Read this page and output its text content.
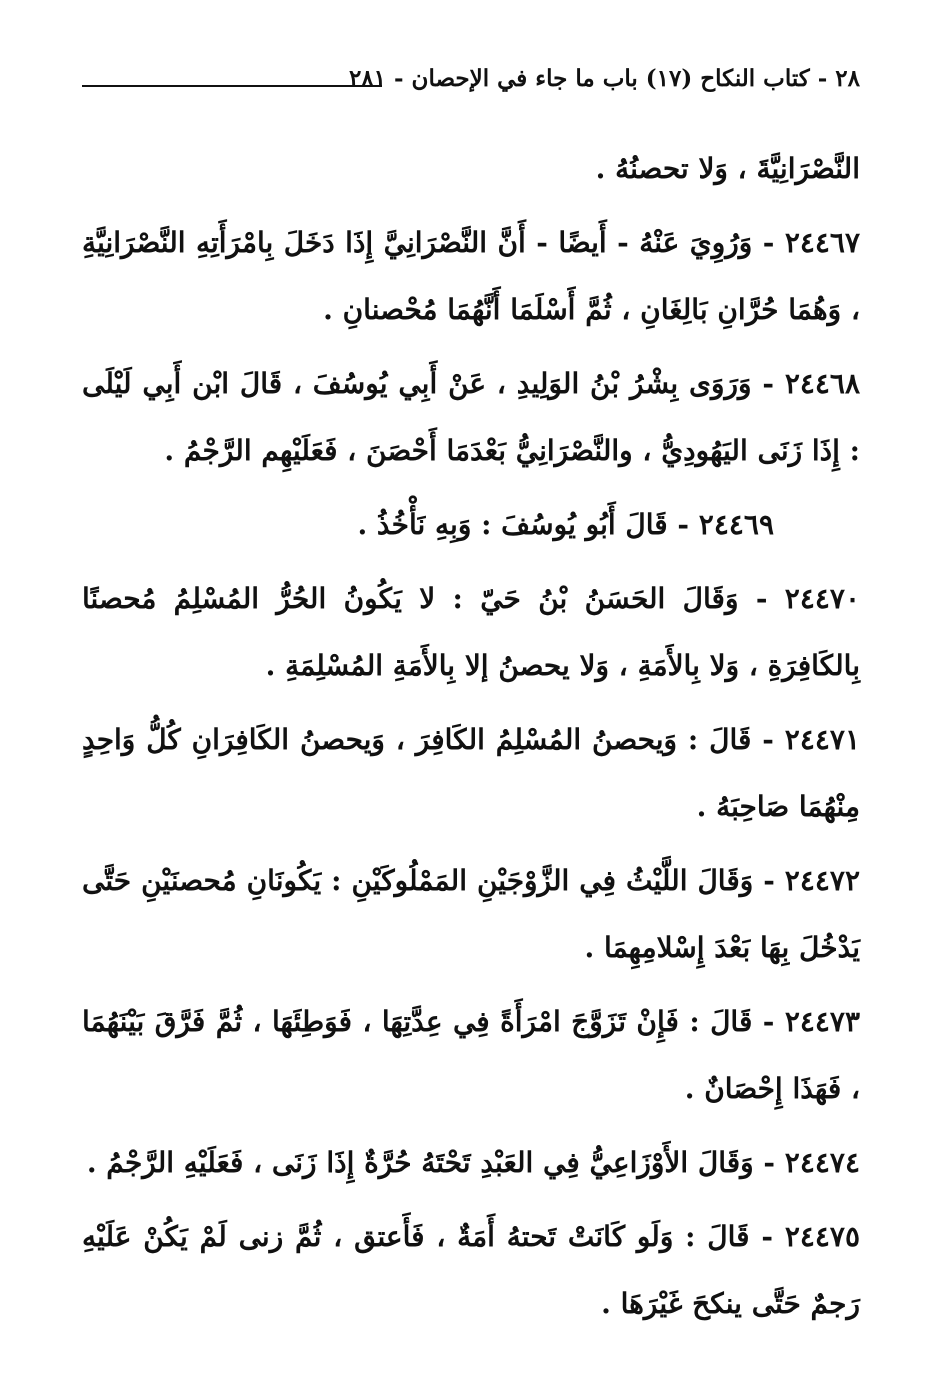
٢٨ - كتاب النكاح (١٧) باب ما جاء في الإحصان - ٢٨١

النَّصْرَانِيَّةَ ، وَلا تحصنُهُ .

٢٤٤٦٧ - وَرُوِيَ عَنْهُ - أَيضًا - أَنَّ النَّصْرَانِيَّ إِذَا دَخَلَ بِامْرَأَتِهِ النَّصْرَانِيَّةِ ، وَهُمَا حُرَّانِ بَالِغَانِ ، ثُمَّ أَسْلَمَا أَنَّهُمَا مُحْصنانِ .

٢٤٤٦٨ - وَرَوَى بِشْرُ بْنُ الوَلِيدِ ، عَنْ أَبِي يُوسُفَ ، قَالَ ابْن أَبِي لَيْلَى : إِذَا زَنَى اليَهُودِيُّ ، والنَّصْرَانِيُّ بَعْدَمَا أَحْصَنَ ، فَعَلَيْهِم الرَّجْمُ .

٢٤٤٦٩ - قَالَ أَبُو يُوسُفَ : وَبِهِ نَأْخُذُ .

٢٤٤٧٠ - وَقَالَ الحَسَنُ بْنُ حَيّ : لا يَكُونُ الحُرُّ المُسْلِمُ مُحصنًا بِالكَافِرَةِ ، وَلا بِالأَمَةِ ، وَلا يحصنُ إلا بِالأَمَةِ المُسْلِمَةِ .

٢٤٤٧١ - قَالَ : وَيحصنُ المُسْلِمُ الكَافِرَ ، وَيحصنُ الكَافِرَانِ كُلُّ وَاحِدٍ مِنْهُمَا صَاحِبَهُ .

٢٤٤٧٢ - وَقَالَ اللَّيْثُ فِي الزَّوْجَيْنِ المَمْلُوكَيْنِ : يَكُونَانِ مُحصنَيْنِ حَتَّى يَدْخُلَ بِهَا بَعْدَ إِسْلامِهِمَا .

٢٤٤٧٣ - قَالَ : فَإِنْ تَزَوَّجَ امْرَأَةً فِي عِدَّتِهَا ، فَوَطِئَهَا ، ثُمَّ فَرَّقَ بَيْنَهُمَا ، فَهَذَا إِحْصَانٌ .

٢٤٤٧٤ - وَقَالَ الأَوْزَاعِيُّ فِي العَبْدِ تَحْتَهُ حُرَّةٌ إِذَا زَنَى ، فَعَلَيْهِ الرَّجْمُ .

٢٤٤٧٥ - قَالَ : وَلَو كَانَتْ تَحتهُ أَمَةٌ ، فَأَعتق ، ثُمَّ زنى لَمْ يَكُنْ عَلَيْهِ رَجمٌ حَتَّى ينكحَ غَيْرَهَا .
